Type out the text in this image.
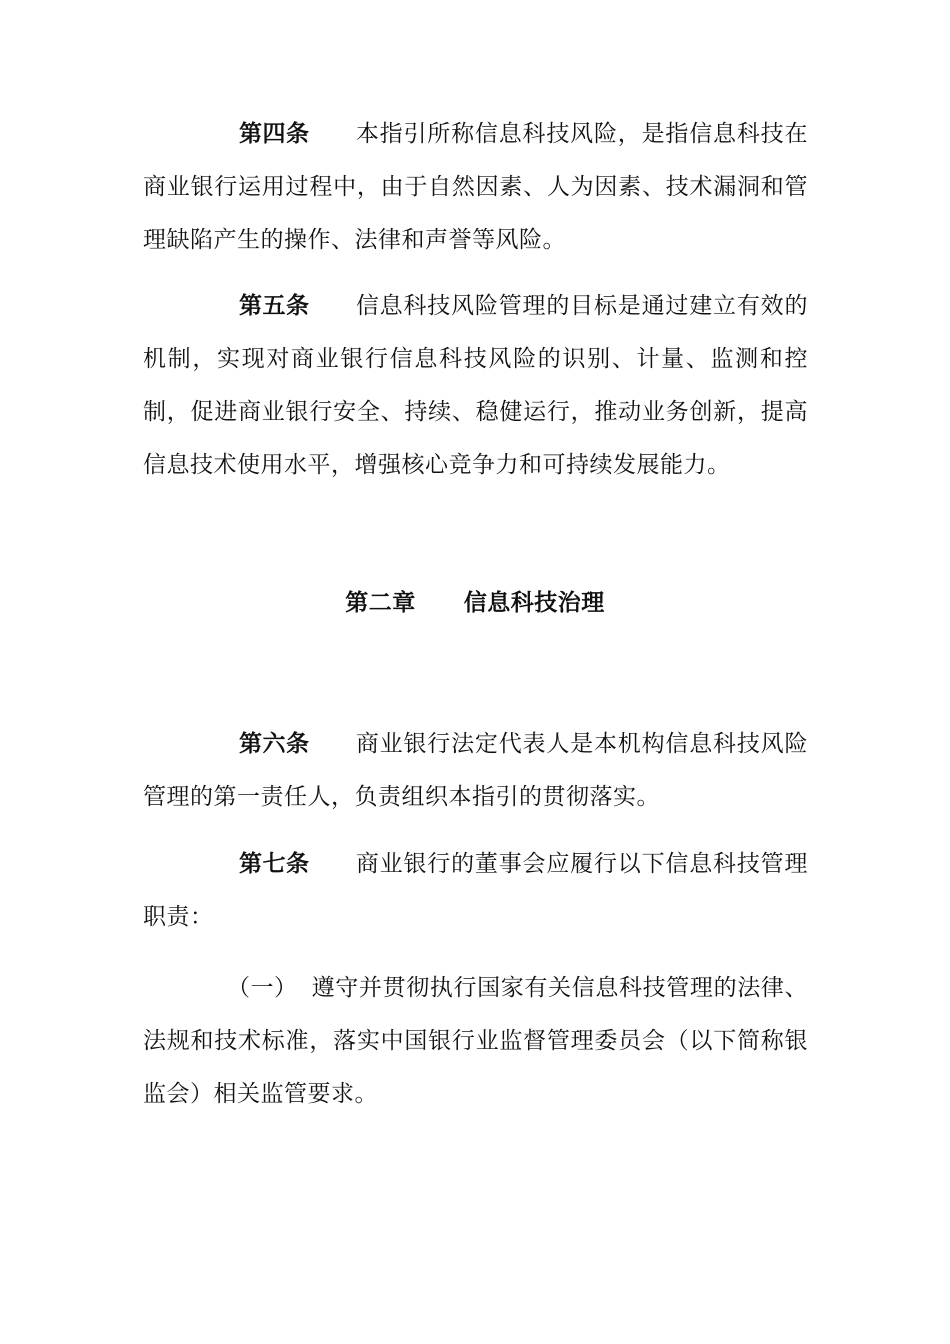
第四条 本指引所称信息科技风险，是指信息科技在商业银行运用过程中，由于自然因素、人为因素、技术漏洞和管理缺陷产生的操作、法律和声誉等风险。

第五条 信息科技风险管理的目标是通过建立有效的机制，实现对商业银行信息科技风险的识别、计量、监测和控制，促进商业银行安全、持续、稳健运行，推动业务创新，提高信息技术使用水平，增强核心竞争力和可持续发展能力。

第二章 信息科技治理

第六条 商业银行法定代表人是本机构信息科技风险管理的第一责任人，负责组织本指引的贯彻落实。

第七条 商业银行的董事会应履行以下信息科技管理职责：

（一） 遵守并贯彻执行国家有关信息科技管理的法律、法规和技术标准，落实中国银行业监督管理委员会（以下简称银监会）相关监管要求。
